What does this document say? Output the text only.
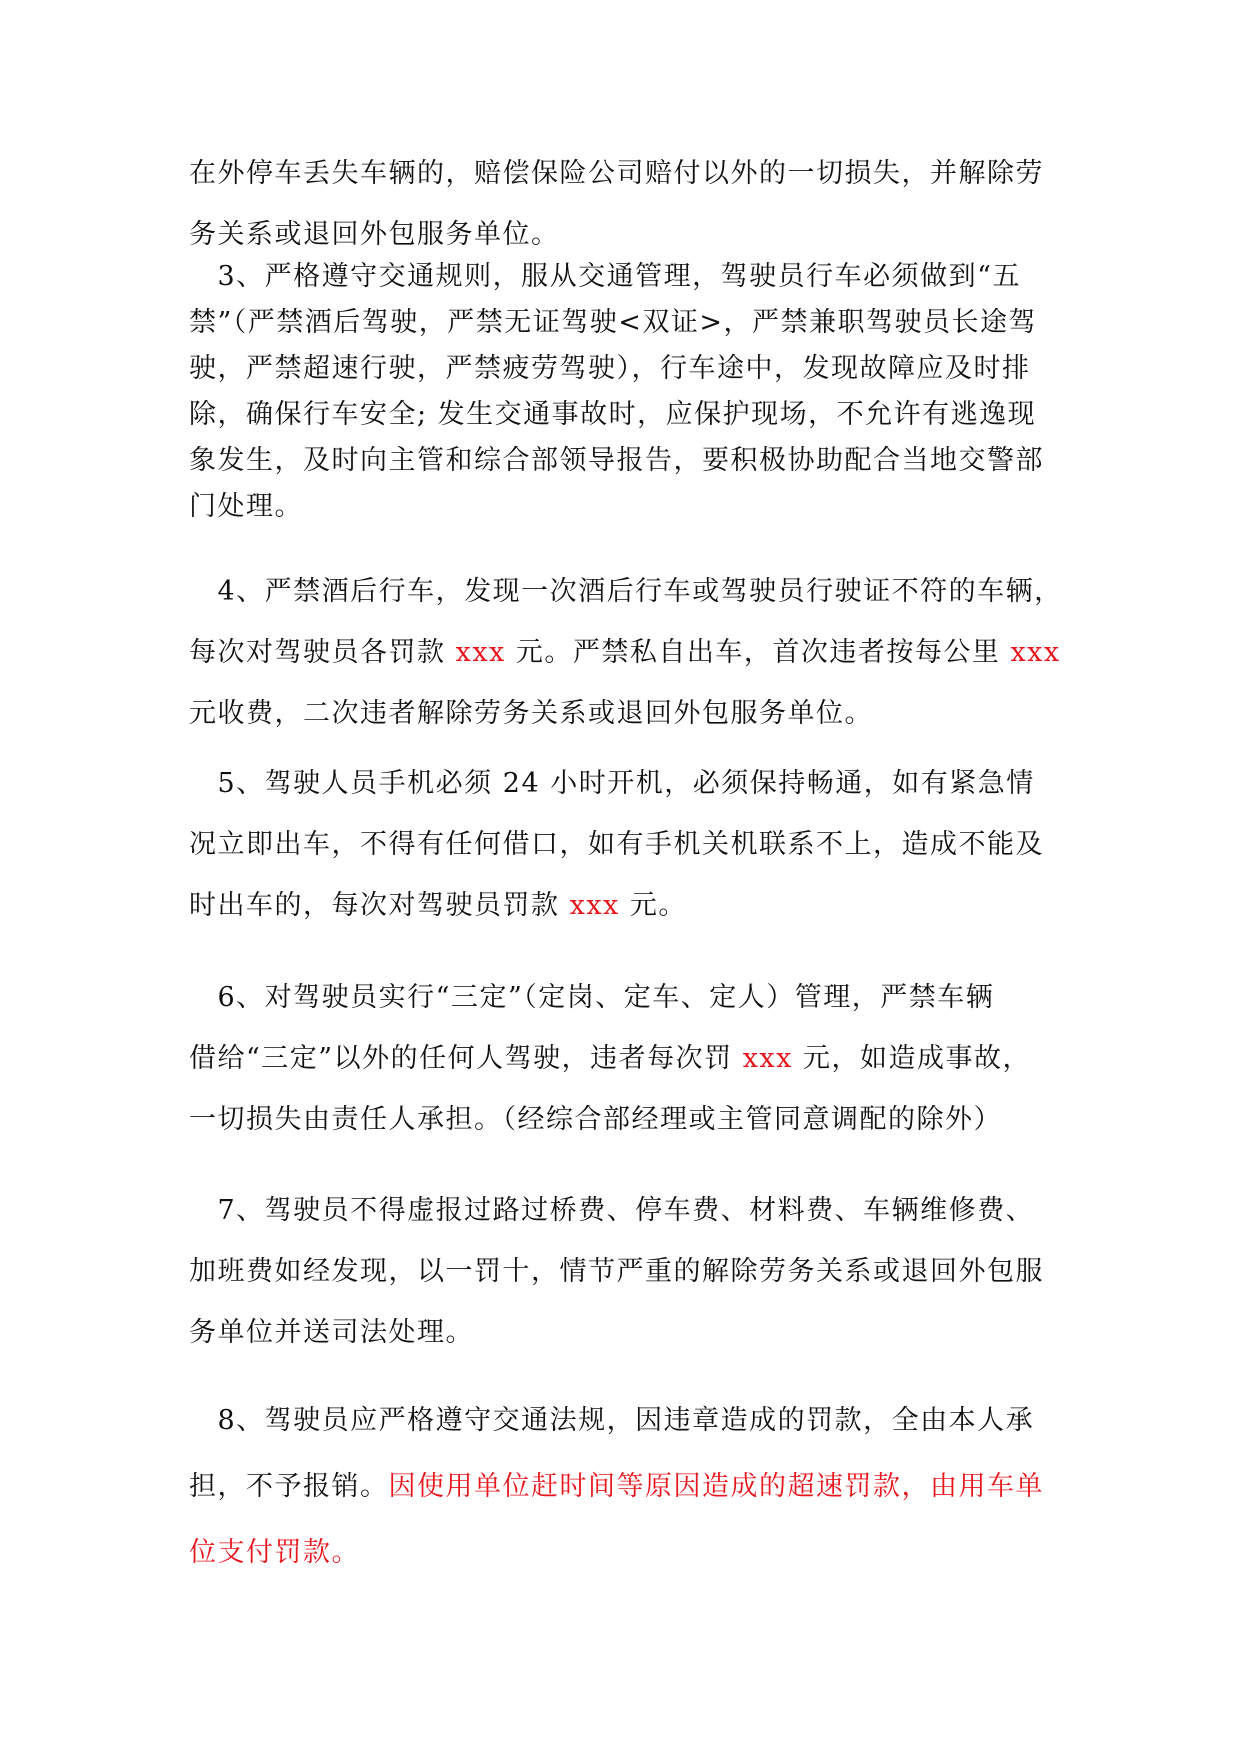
在外停车丢失车辆的，赔偿保险公司赔付以外的一切损失，并解除劳
务关系或退回外包服务单位。

　3、严格遵守交通规则，服从交通管理，驾驶员行车必须做到“五
禁”（严禁酒后驾驶，严禁无证驾驶<双证>，严禁兼职驾驶员长途驾
驶，严禁超速行驶，严禁疲劳驾驶），行车途中，发现故障应及时排
除，确保行车安全; 发生交通事故时，应保护现场，不允许有逃逸现
象发生，及时向主管和综合部领导报告，要积极协助配合当地交警部
门处理。

　4、严禁酒后行车，发现一次酒后行车或驾驶员行驶证不符的车辆，
每次对驾驶员各罚款 xxx 元。严禁私自出车，首次违者按每公里 xxx
元收费，二次违者解除劳务关系或退回外包服务单位。

　5、驾驶人员手机必须 24 小时开机，必须保持畅通，如有紧急情
况立即出车，不得有任何借口，如有手机关机联系不上，造成不能及
时出车的，每次对驾驶员罚款 xxx 元。

　6、对驾驶员实行“三定”（定岗、定车、定人）管理，严禁车辆
借给“三定”以外的任何人驾驶，违者每次罚 xxx 元，如造成事故，
一切损失由责任人承担。（经综合部经理或主管同意调配的除外）

　7、驾驶员不得虚报过路过桥费、停车费、材料费、车辆维修费、
加班费如经发现，以一罚十，情节严重的解除劳务关系或退回外包服
务单位并送司法处理。

　8、驾驶员应严格遵守交通法规，因违章造成的罚款，全由本人承
担，不予报销。因使用单位赶时间等原因造成的超速罚款，由用车单
位支付罚款。
